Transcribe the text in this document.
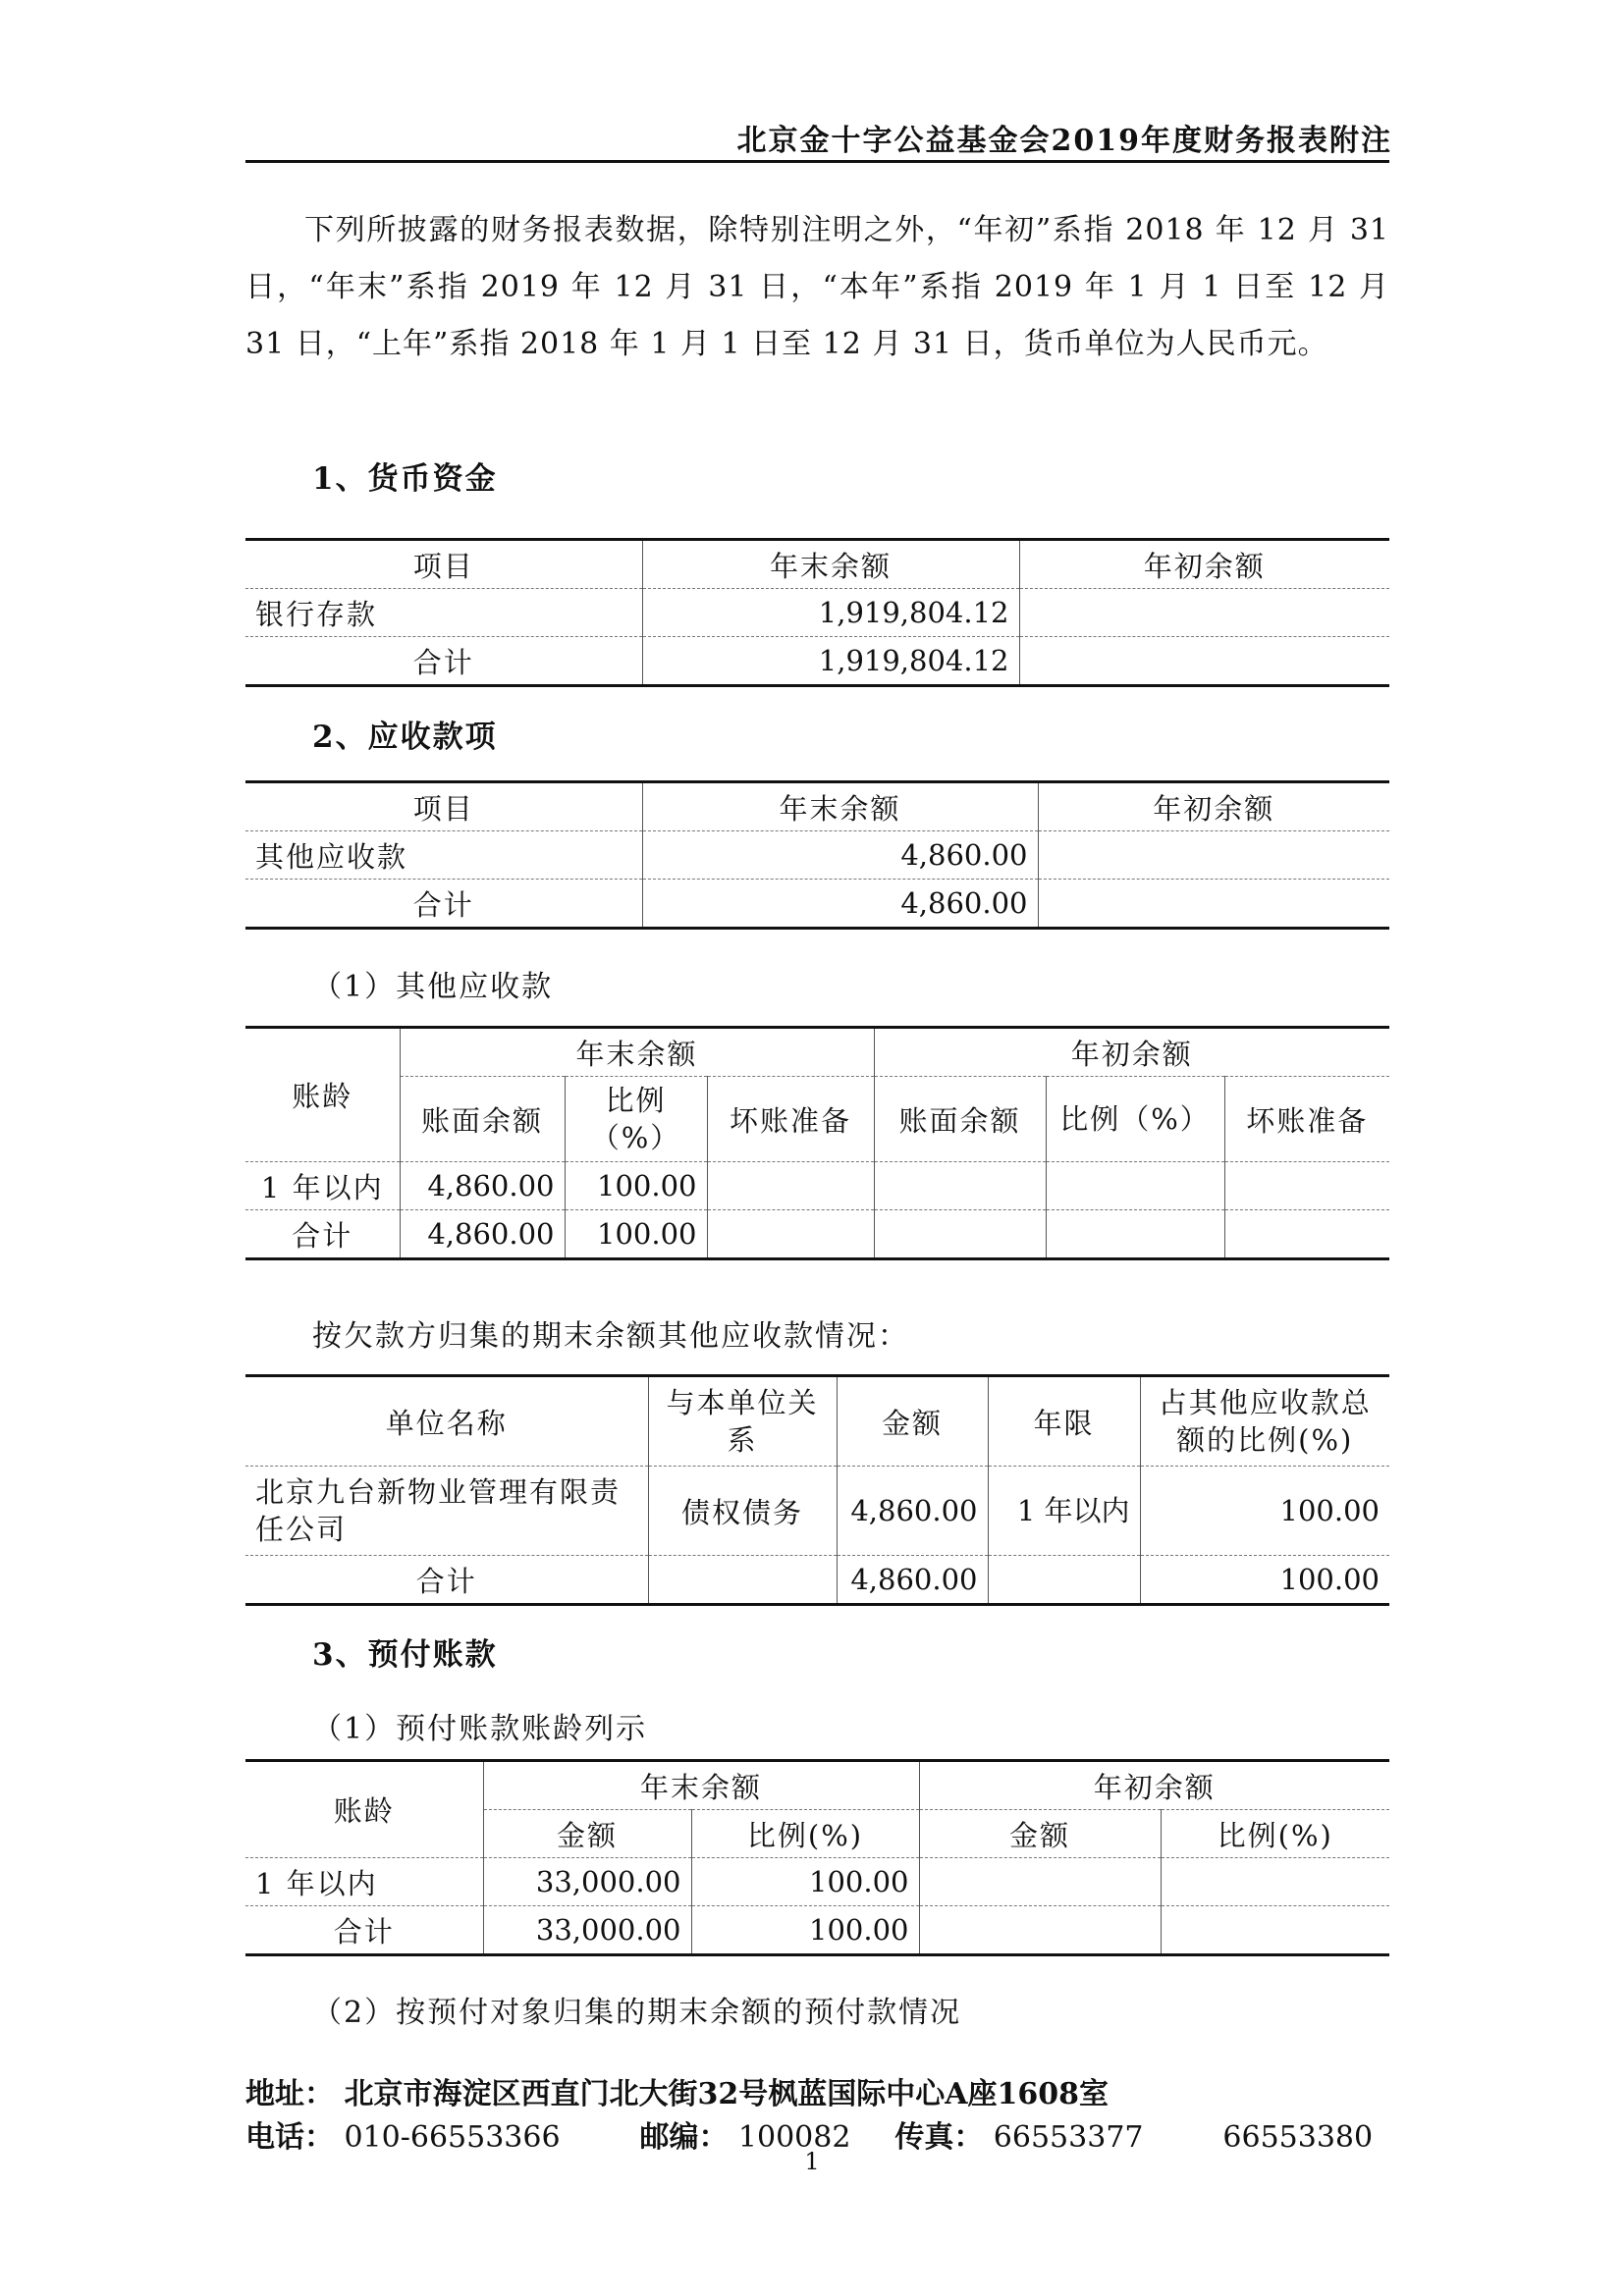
北京金十字公益基金会2019年度财务报表附注

下列所披露的财务报表数据，除特别注明之外，“年初”系指 2018 年 12 月 31 日，“年末”系指 2019 年 12 月 31 日，“本年”系指 2019 年 1 月 1 日至 12 月 31 日，“上年”系指 2018 年 1 月 1 日至 12 月 31 日，货币单位为人民币元。

1、货币资金
项目	年末余额	年初余额
银行存款	1,919,804.12	
合计	1,919,804.12	
2、应收款项
项目	年末余额	年初余额
其他应收款	4,860.00	
合计	4,860.00	
（1）其他应收款
账龄	年末余额			年初余额		
	账面余额	比例（%）	坏账准备	账面余额	比例（%）	坏账准备
1 年以内	4,860.00	100.00				
合计	4,860.00	100.00				
按欠款方归集的期末余额其他应收款情况：
单位名称	与本单位关系	金额	年限	占其他应收款总额的比例(%)
北京九台新物业管理有限责任公司	债权债务	4,860.00	1 年以内	100.00
合计		4,860.00		100.00
3、预付账款
（1）预付账款账龄列示
账龄	年末余额		年初余额	
	金额	比例(%)	金额	比例(%)
1 年以内	33,000.00	100.00		
合计	33,000.00	100.00		
（2）按预付对象归集的期末余额的预付款情况
地址： 北京市海淀区西直门北大街32号枫蓝国际中心A座1608室
电话： 010-66553366	邮编： 100082 传真： 66553377	66553380
1
